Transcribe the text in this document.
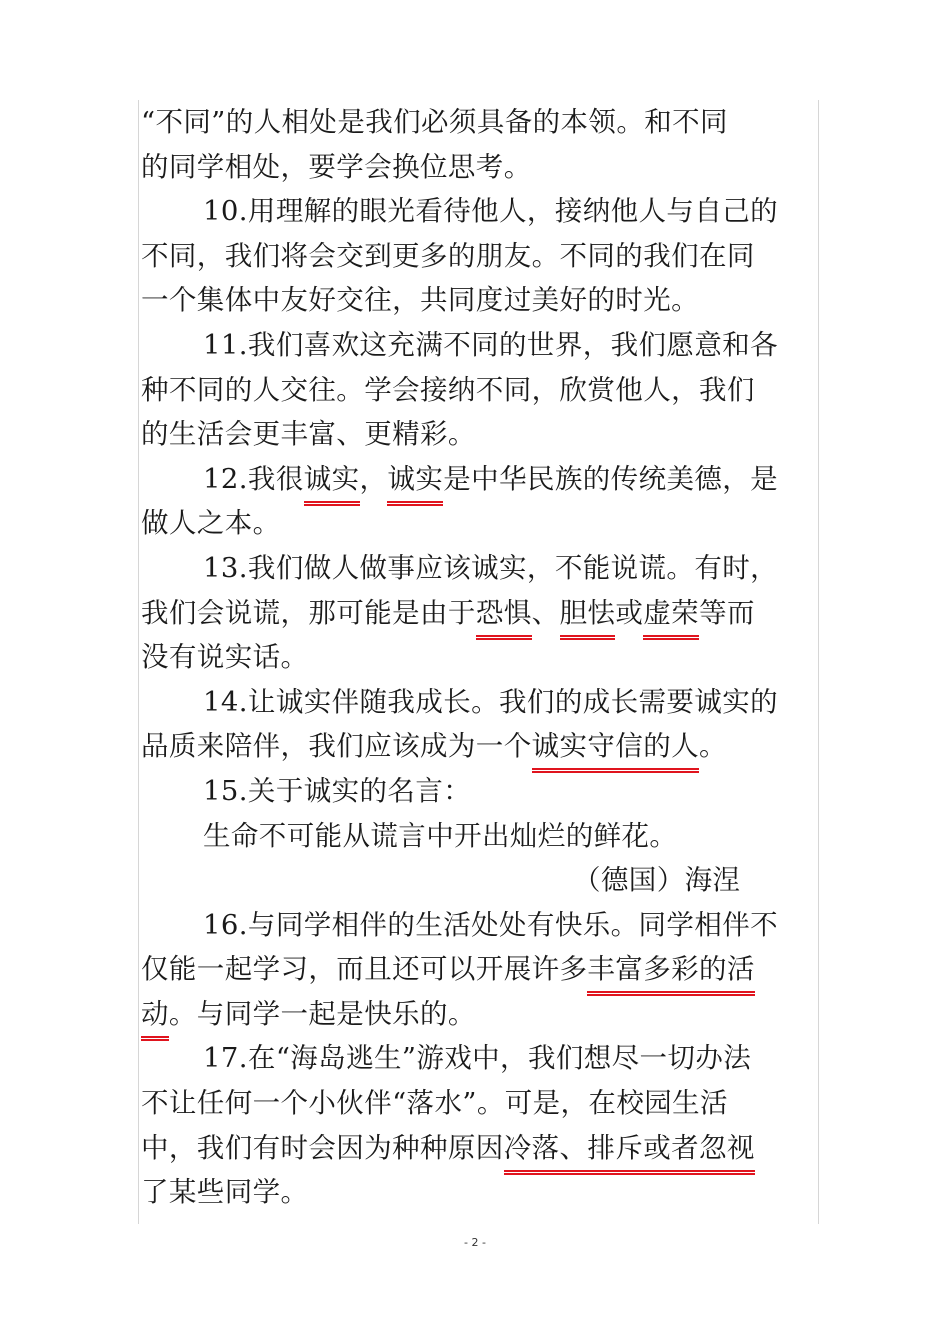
“不同”的人相处是我们必须具备的本领。和不同
的同学相处，要学会换位思考。
10.用理解的眼光看待他人，接纳他人与自己的
不同，我们将会交到更多的朋友。不同的我们在同
一个集体中友好交往，共同度过美好的时光。
11.我们喜欢这充满不同的世界，我们愿意和各
种不同的人交往。学会接纳不同，欣赏他人，我们
的生活会更丰富、更精彩。
12.我很诚实，诚实是中华民族的传统美德，是
做人之本。
13.我们做人做事应该诚实，不能说谎。有时，
我们会说谎，那可能是由于恐惧、胆怯或虚荣等而
没有说实话。
14.让诚实伴随我成长。我们的成长需要诚实的
品质来陪伴，我们应该成为一个诚实守信的人。
15.关于诚实的名言：
生命不可能从谎言中开出灿烂的鲜花。
（德国）海涅
16.与同学相伴的生活处处有快乐。同学相伴不
仅能一起学习，而且还可以开展许多丰富多彩的活
动。与同学一起是快乐的。
17.在“海岛逃生”游戏中，我们想尽一切办法
不让任何一个小伙伴“落水”。可是，在校园生活
中，我们有时会因为种种原因冷落、排斥或者忽视
了某些同学。
- 2 -
